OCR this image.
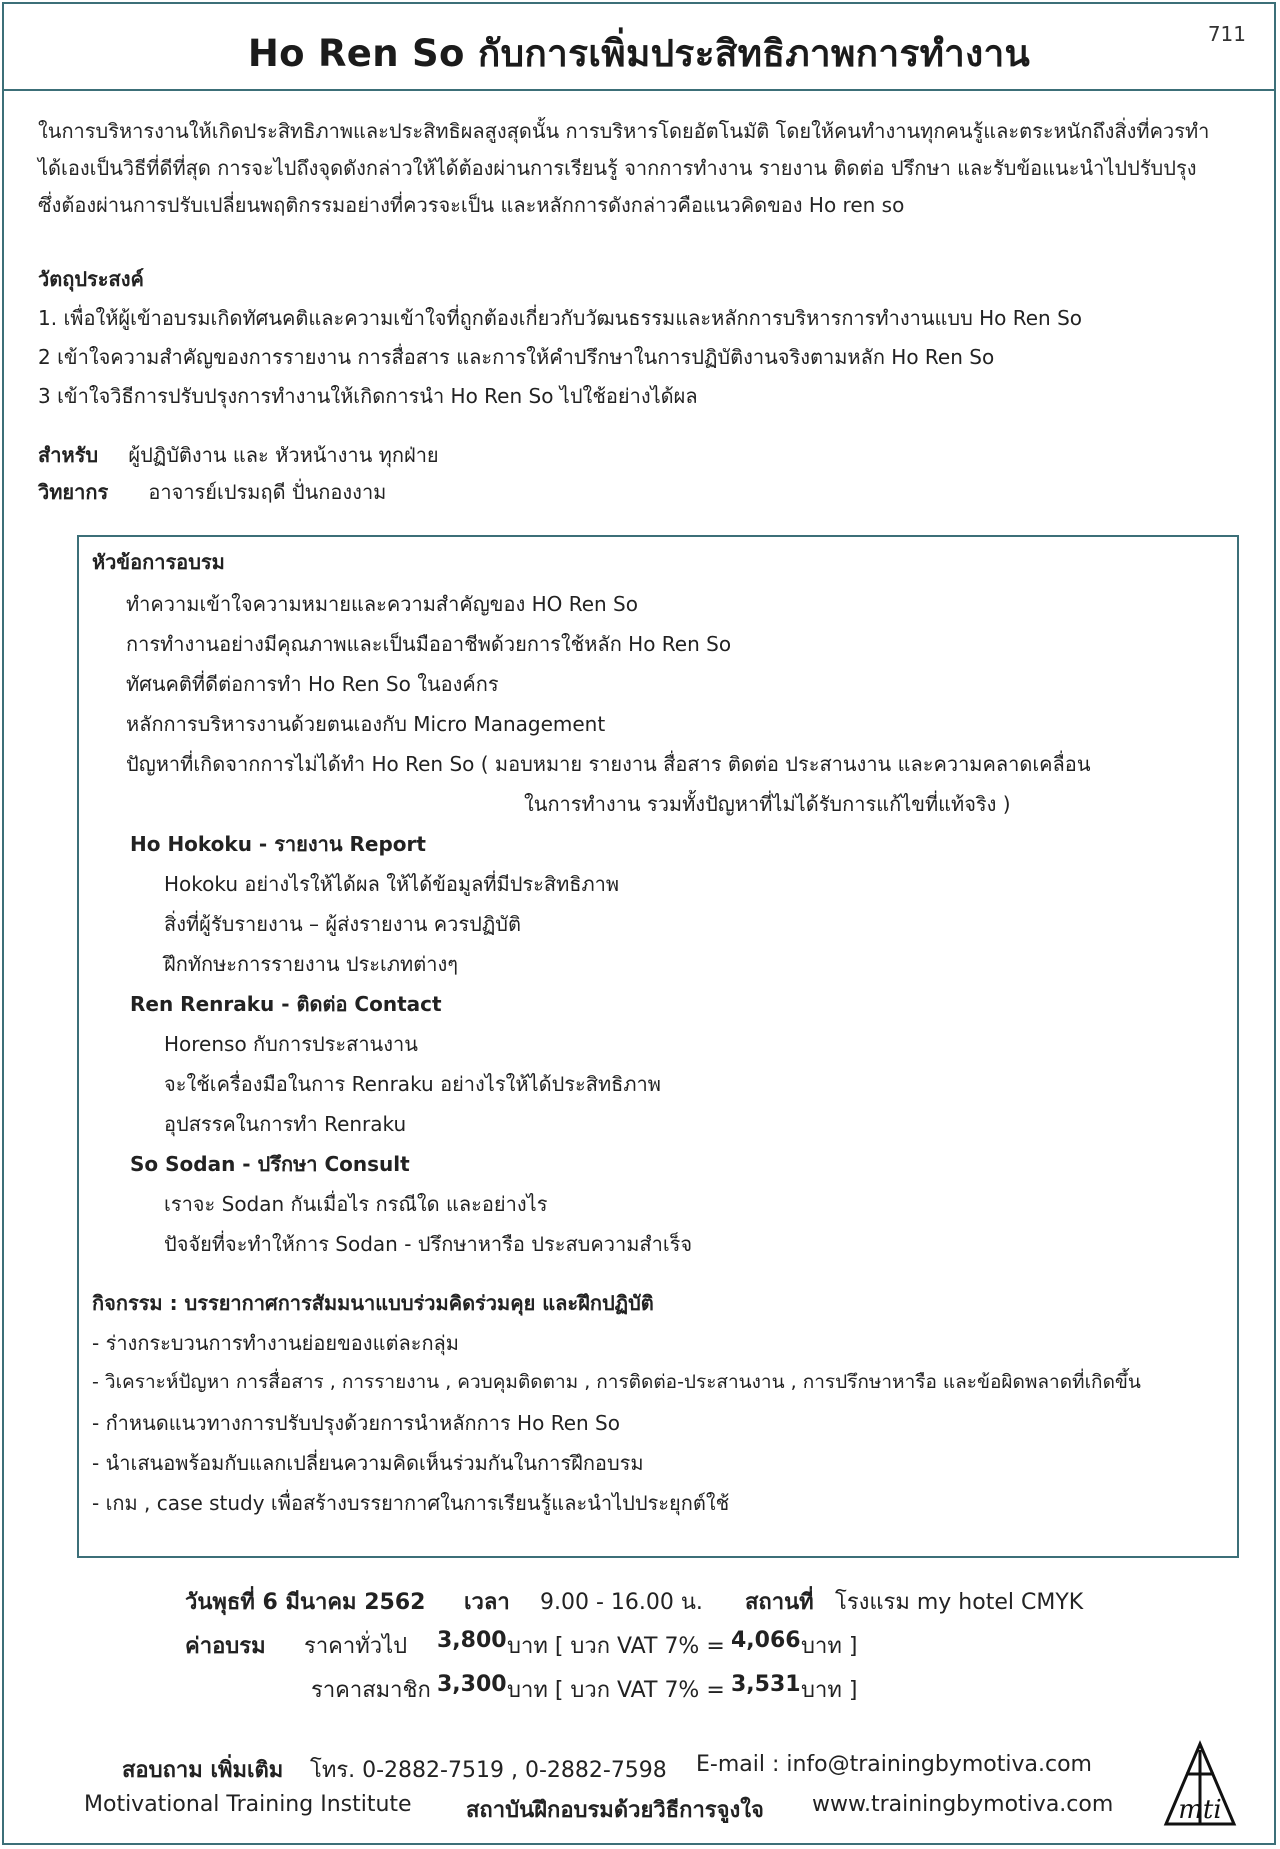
Ho Ren So กับการเพิ่มประสิทธิภาพการทำงาน	711
ในการบริหารงานให้เกิดประสิทธิภาพและประสิทธิผลสูงสุดนั้น การบริหารโดยอัตโนมัติ โดยให้คนทำงานทุกคนรู้และตระหนักถึงสิ่งที่ควรทำ
ได้เองเป็นวิธีที่ดีที่สุด การจะไปถึงจุดดังกล่าวให้ได้ต้องผ่านการเรียนรู้ จากการทำงาน รายงาน ติดต่อ ปรึกษา และรับข้อแนะนำไปปรับปรุง
ซึ่งต้องผ่านการปรับเปลี่ยนพฤติกรรมอย่างที่ควรจะเป็น และหลักการดังกล่าวคือแนวคิดของ Ho ren so
วัตถุประสงค์
1. เพื่อให้ผู้เข้าอบรมเกิดทัศนคติและความเข้าใจที่ถูกต้องเกี่ยวกับวัฒนธรรมและหลักการบริหารการทำงานแบบ Ho Ren So
2 เข้าใจความสำคัญของการรายงาน การสื่อสาร และการให้คำปรึกษาในการปฏิบัติงานจริงตามหลัก Ho Ren So
3 เข้าใจวิธีการปรับปรุงการทำงานให้เกิดการนำ Ho Ren So ไปใช้อย่างได้ผล
สำหรับ ผู้ปฏิบัติงาน และ หัวหน้างาน ทุกฝ่าย
วิทยากร อาจารย์เปรมฤดี ปั่นกองงาม
หัวข้อการอบรม
ทำความเข้าใจความหมายและความสำคัญของ HO Ren So
การทำงานอย่างมีคุณภาพและเป็นมืออาชีพด้วยการใช้หลัก Ho Ren So
ทัศนคติที่ดีต่อการทำ Ho Ren So ในองค์กร
หลักการบริหารงานด้วยตนเองกับ Micro Management
ปัญหาที่เกิดจากการไม่ได้ทำ Ho Ren So ( มอบหมาย รายงาน สื่อสาร ติดต่อ ประสานงาน และความคลาดเคลื่อน
ในการทำงาน รวมทั้งปัญหาที่ไม่ได้รับการแก้ไขที่แท้จริง )
Ho Hokoku - รายงาน Report
Hokoku อย่างไรให้ได้ผล ให้ได้ข้อมูลที่มีประสิทธิภาพ
สิ่งที่ผู้รับรายงาน – ผู้ส่งรายงาน ควรปฏิบัติ
ฝึกทักษะการรายงาน ประเภทต่างๆ
Ren Renraku - ติดต่อ Contact
Horenso กับการประสานงาน
จะใช้เครื่องมือในการ Renraku อย่างไรให้ได้ประสิทธิภาพ
อุปสรรคในการทำ Renraku
So Sodan - ปรึกษา Consult
เราจะ Sodan กันเมื่อไร กรณีใด และอย่างไร
ปัจจัยที่จะทำให้การ Sodan - ปรึกษาหารือ ประสบความสำเร็จ
กิจกรรม : บรรยากาศการสัมมนาแบบร่วมคิดร่วมคุย และฝึกปฏิบัติ
- ร่างกระบวนการทำงานย่อยของแต่ละกลุ่ม
- วิเคราะห์ปัญหา การสื่อสาร , การรายงาน , ควบคุมติดตาม , การติดต่อ-ประสานงาน , การปรึกษาหารือ และข้อผิดพลาดที่เกิดขึ้น
- กำหนดแนวทางการปรับปรุงด้วยการนำหลักการ Ho Ren So
- นำเสนอพร้อมกับแลกเปลี่ยนความคิดเห็นร่วมกันในการฝึกอบรม
- เกม , case study เพื่อสร้างบรรยากาศในการเรียนรู้และนำไปประยุกต์ใช้
วันพุธที่ 6 มีนาคม 2562 เวลา 9.00 - 16.00 น. สถานที่ โรงแรม my hotel CMYK
ค่าอบรม ราคาทั่วไป 3,800 บาท [ บวก VAT 7% = 4,066 บาท ]
ราคาสมาชิก 3,300 บาท [ บวก VAT 7% = 3,531 บาท ]
สอบถาม เพิ่มเติม โทร. 0-2882-7519 , 0-2882-7598 E-mail : info@trainingbymotiva.com
Motivational Training Institute สถาบันฝึกอบรมด้วยวิธีการจูงใจ www.trainingbymotiva.com	mti
